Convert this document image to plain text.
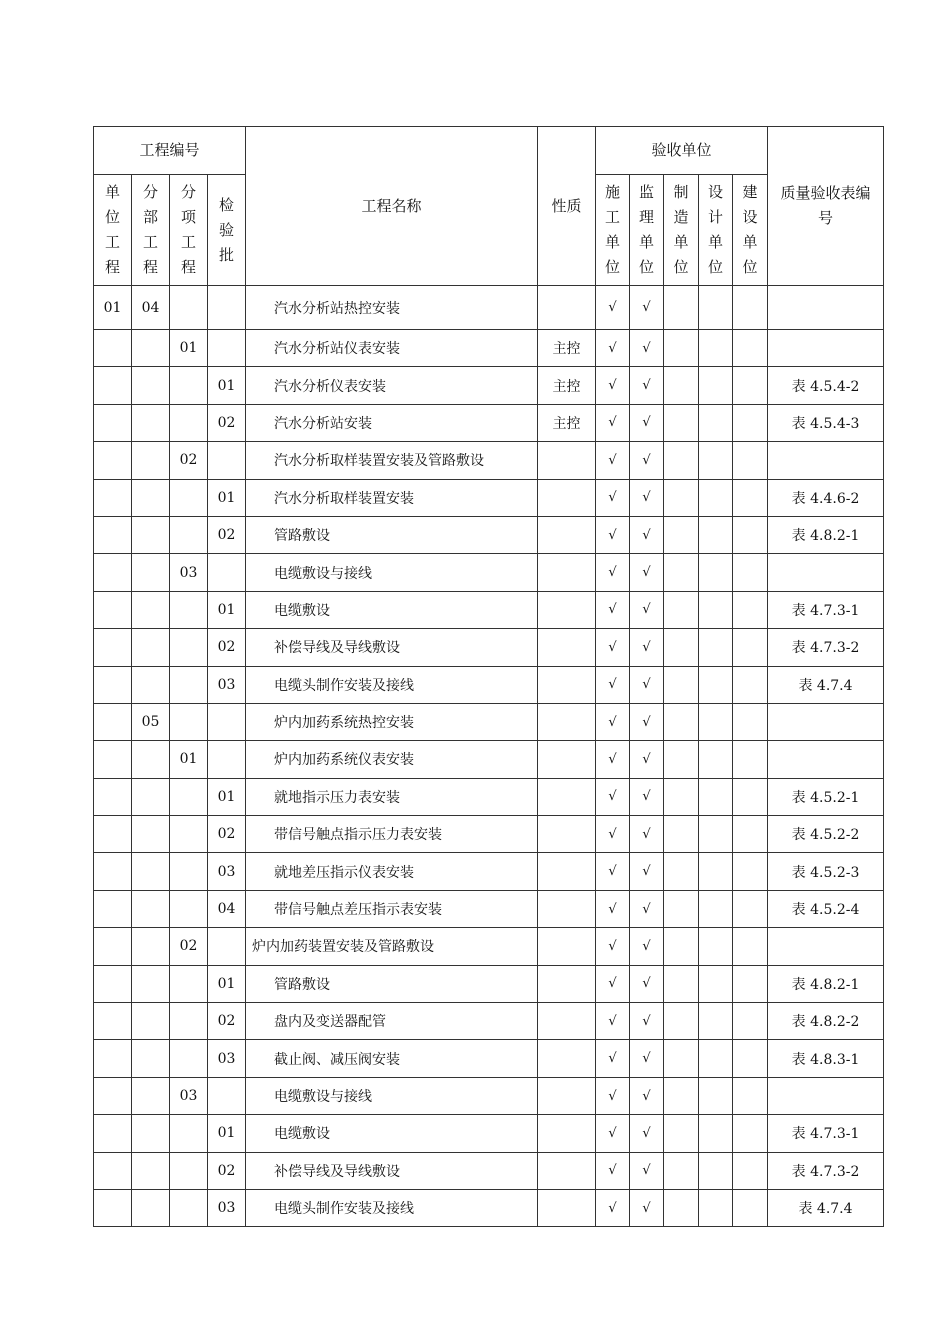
工程编号				工程名称	性质	验收单位					质量验收表编号
单位工程	分部工程	分项工程	检验批			施工单位	监理单位	制造单位	设计单位	建设单位	
01	04			汽水分析站热控安装		√	√				
		01		汽水分析站仪表安装	主控	√	√				
			01	汽水分析仪表安装	主控	√	√				表 4.5.4-2
			02	汽水分析站安装	主控	√	√				表 4.5.4-3
		02		汽水分析取样装置安装及管路敷设		√	√				
			01	汽水分析取样装置安装		√	√				表 4.4.6-2
			02	管路敷设		√	√				表 4.8.2-1
		03		电缆敷设与接线		√	√				
			01	电缆敷设		√	√				表 4.7.3-1
			02	补偿导线及导线敷设		√	√				表 4.7.3-2
			03	电缆头制作安装及接线		√	√				表 4.7.4
	05			炉内加药系统热控安装		√	√				
		01		炉内加药系统仪表安装		√	√				
			01	就地指示压力表安装		√	√				表 4.5.2-1
			02	带信号触点指示压力表安装		√	√				表 4.5.2-2
			03	就地差压指示仪表安装		√	√				表 4.5.2-3
			04	带信号触点差压指示表安装		√	√				表 4.5.2-4
		02		炉内加药装置安装及管路敷设		√	√				
			01	管路敷设		√	√				表 4.8.2-1
			02	盘内及变送器配管		√	√				表 4.8.2-2
			03	截止阀、减压阀安装		√	√				表 4.8.3-1
		03		电缆敷设与接线		√	√				
			01	电缆敷设		√	√				表 4.7.3-1
			02	补偿导线及导线敷设		√	√				表 4.7.3-2
			03	电缆头制作安装及接线		√	√				表 4.7.4
